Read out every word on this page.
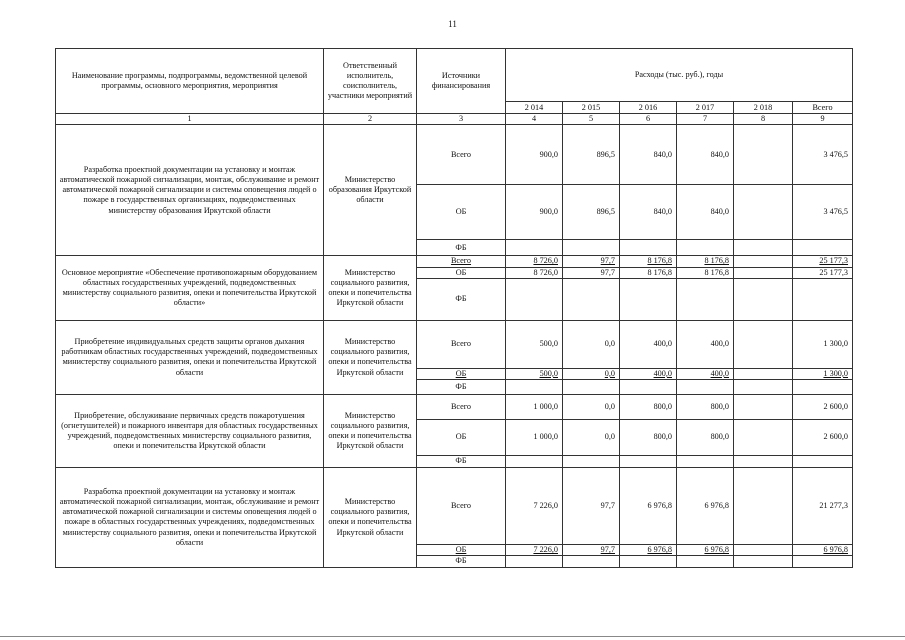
11
Наименование программы, подпрограммы, ведомственной целевой программы, основного мероприятия, мероприятия	Ответственный исполнитель, соисполнитель, участники мероприятий	Источники финансирования	Расходы (тыс. руб.), годы					
			2 014	2 015	2 016	2 017	2 018	Всего
1	2	3	4	5	6	7	8	9
Разработка проектной документации на установку и монтаж автоматической пожарной сигнализации, монтаж, обслуживание и ремонт автоматической пожарной сигнализации и системы оповещения людей о пожаре в государственных организациях, подведомственных министерству образования Иркутской области	Министерство образования Иркутской области	Всего	900,0	896,5	840,0	840,0		3 476,5
		ОБ	900,0	896,5	840,0	840,0		3 476,5
		ФБ						
Основное мероприятие «Обеспечение противопожарным оборудованием областных государственных учреждений, подведомственных министерству социального развития, опеки и попечительства Иркутской области»	Министерство социального развития, опеки и попечительства Иркутской области	Всего	8 726,0	97,7	8 176,8	8 176,8		25 177,3
		ОБ	8 726,0	97,7	8 176,8	8 176,8		25 177,3
		ФБ						
Приобретение индивидуальных средств защиты органов дыхания работникам областных государственных учреждений, подведомственных министерству социального развития, опеки и попечительства Иркутской области	Министерство социального развития, опеки и попечительства Иркутской области	Всего	500,0	0,0	400,0	400,0		1 300,0
		ОБ	500,0	0,0	400,0	400,0		1 300,0
		ФБ						
Приобретение, обслуживание первичных средств пожаротушения (огнетушителей) и пожарного инвентаря для областных государственных учреждений, подведомственных министерству социального развития, опеки и попечительства Иркутской области	Министерство социального развития, опеки и попечительства Иркутской области	Всего	1 000,0	0,0	800,0	800,0		2 600,0
		ОБ	1 000,0	0,0	800,0	800,0		2 600,0
		ФБ						
Разработка проектной документации на установку и монтаж автоматической пожарной сигнализации, монтаж, обслуживание и ремонт автоматической пожарной сигнализации и системы оповещения людей о пожаре в областных государственных учреждениях, подведомственных министерству социального развития, опеки и попечительства Иркутской области	Министерство социального развития, опеки и попечительства Иркутской области	Всего	7 226,0	97,7	6 976,8	6 976,8		21 277,3
		ОБ	7 226,0	97,7	6 976,8	6 976,8		6 976,8
		ФБ						
